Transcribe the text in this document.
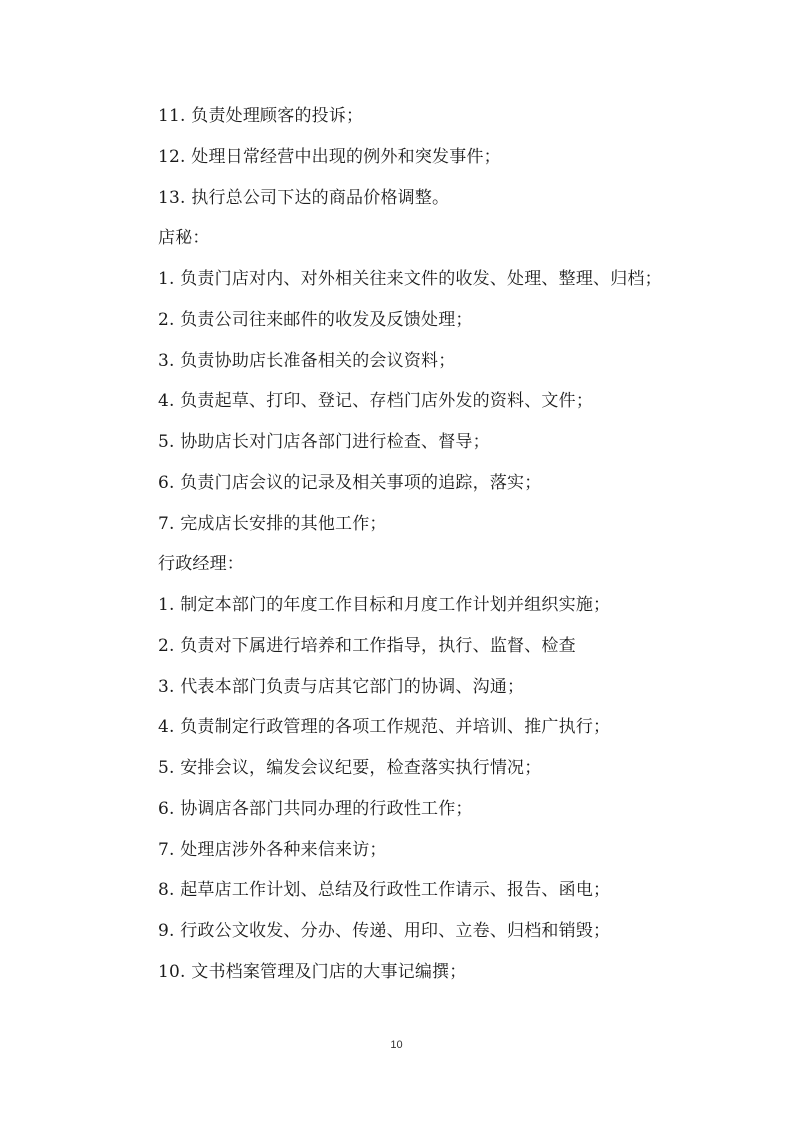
11. 负责处理顾客的投诉；
12. 处理日常经营中出现的例外和突发事件；
13. 执行总公司下达的商品价格调整。
店秘：
1. 负责门店对内、对外相关往来文件的收发、处理、整理、归档；
2. 负责公司往来邮件的收发及反馈处理；
3. 负责协助店长准备相关的会议资料；
4. 负责起草、打印、登记、存档门店外发的资料、文件；
5. 协助店长对门店各部门进行检查、督导；
6. 负责门店会议的记录及相关事项的追踪，落实；
7. 完成店长安排的其他工作；
行政经理：
1. 制定本部门的年度工作目标和月度工作计划并组织实施；
2. 负责对下属进行培养和工作指导，执行、监督、检查
3. 代表本部门负责与店其它部门的协调、沟通；
4. 负责制定行政管理的各项工作规范、并培训、推广执行；
5. 安排会议，编发会议纪要，检查落实执行情况；
6. 协调店各部门共同办理的行政性工作；
7. 处理店涉外各种来信来访；
8. 起草店工作计划、总结及行政性工作请示、报告、函电；
9. 行政公文收发、分办、传递、用印、立卷、归档和销毁；
10. 文书档案管理及门店的大事记编撰；
10
